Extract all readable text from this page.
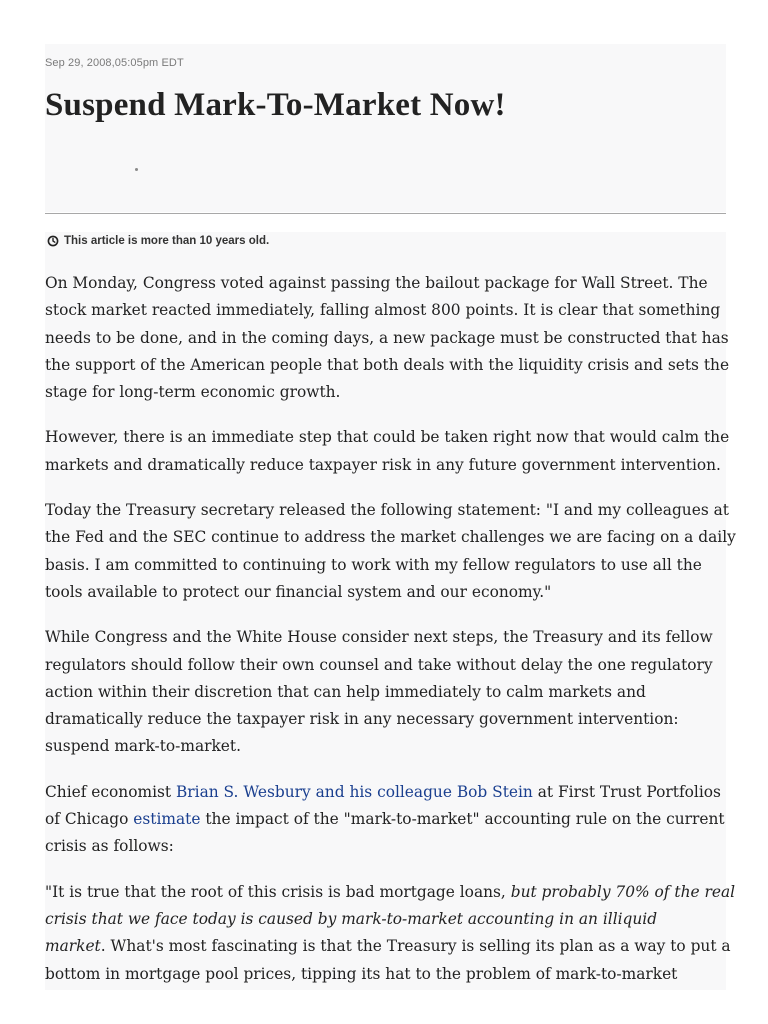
Sep 29, 2008,05:05pm EDT
Suspend Mark-To-Market Now!
This article is more than 10 years old.

On Monday, Congress voted against passing the bailout package for Wall Street. The
stock market reacted immediately, falling almost 800 points. It is clear that something
needs to be done, and in the coming days, a new package must be constructed that has
the support of the American people that both deals with the liquidity crisis and sets the
stage for long-term economic growth.

However, there is an immediate step that could be taken right now that would calm the
markets and dramatically reduce taxpayer risk in any future government intervention.

Today the Treasury secretary released the following statement: "I and my colleagues at
the Fed and the SEC continue to address the market challenges we are facing on a daily
basis. I am committed to continuing to work with my fellow regulators to use all the
tools available to protect our financial system and our economy."

While Congress and the White House consider next steps, the Treasury and its fellow
regulators should follow their own counsel and take without delay the one regulatory
action within their discretion that can help immediately to calm markets and
dramatically reduce the taxpayer risk in any necessary government intervention:
suspend mark-to-market.

Chief economist Brian S. Wesbury and his colleague Bob Stein at First Trust Portfolios
of Chicago estimate the impact of the "mark-to-market" accounting rule on the current
crisis as follows:

"It is true that the root of this crisis is bad mortgage loans, but probably 70% of the real
crisis that we face today is caused by mark-to-market accounting in an illiquid
market. What's most fascinating is that the Treasury is selling its plan as a way to put a
bottom in mortgage pool prices, tipping its hat to the problem of mark-to-market
